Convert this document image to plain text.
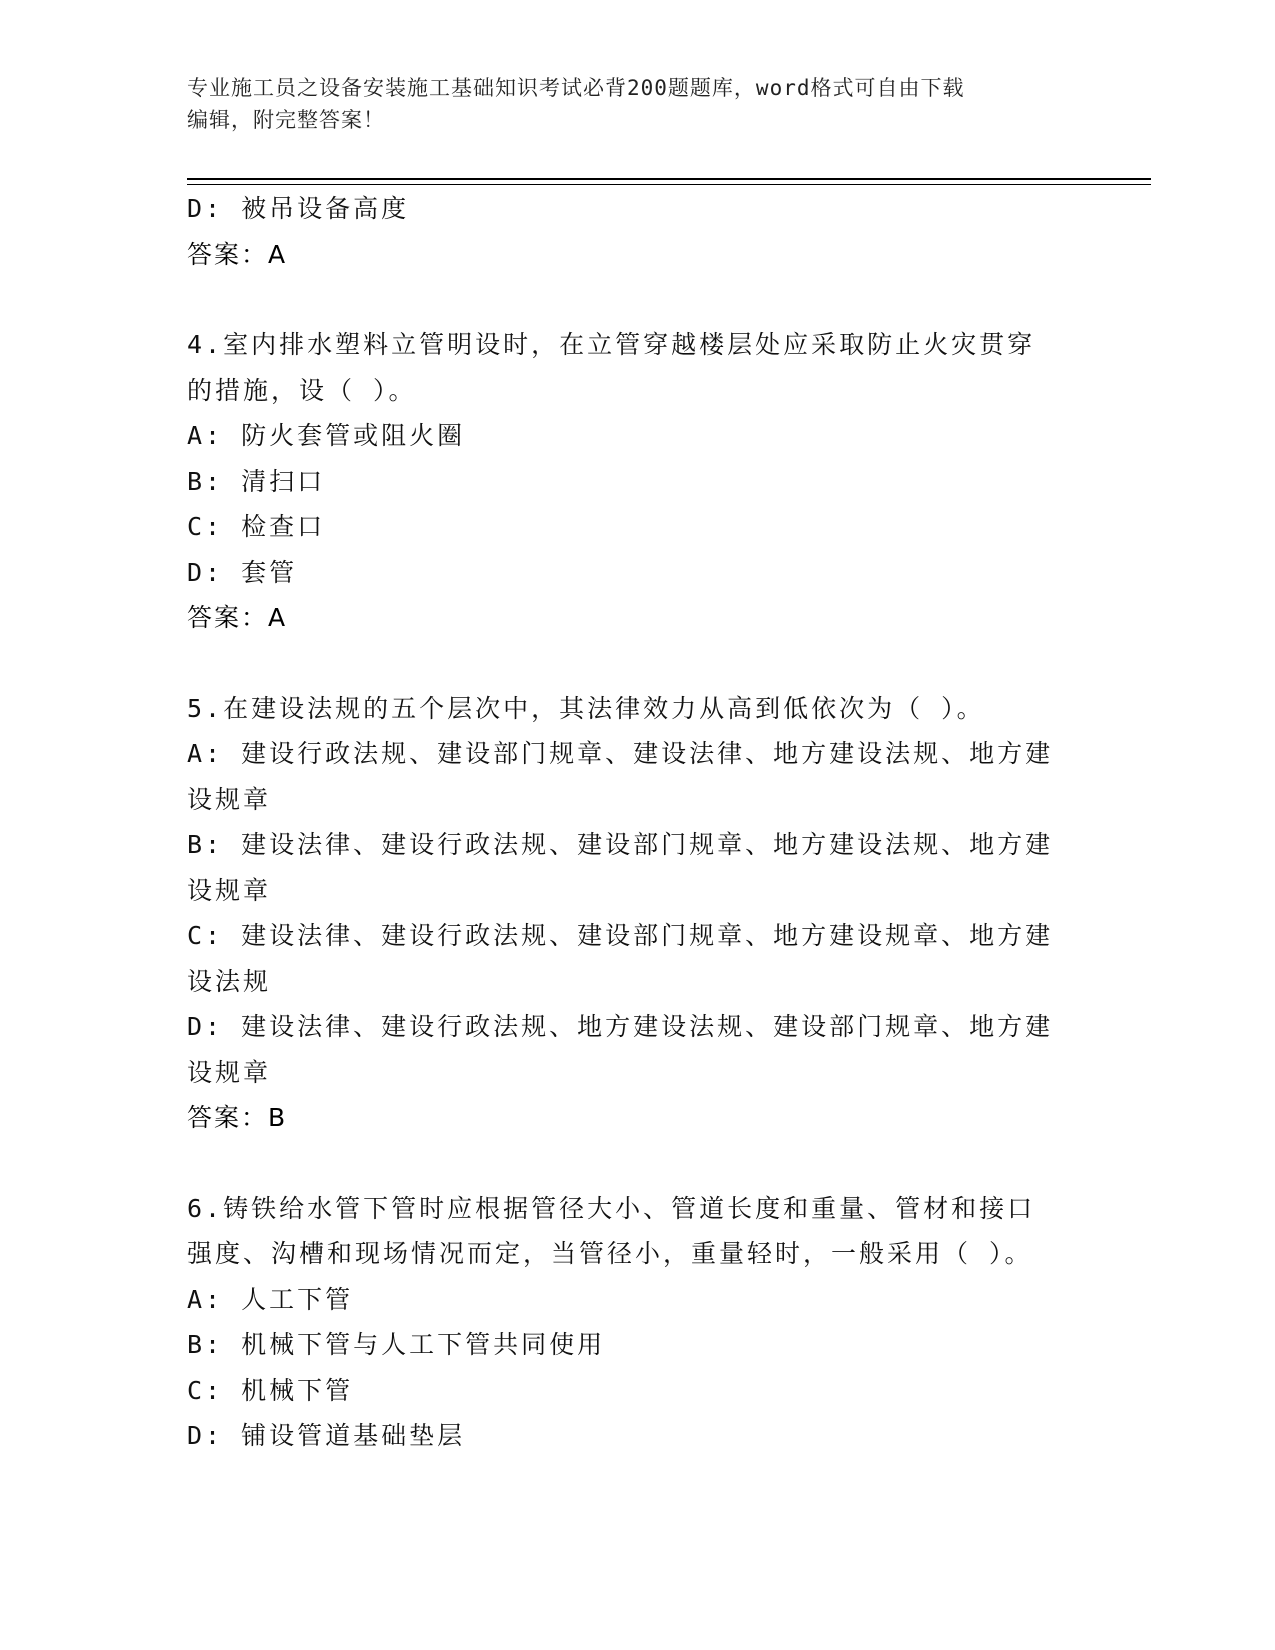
专业施工员之设备安装施工基础知识考试必背200题题库，word格式可自由下载
编辑，附完整答案！
D: 被吊设备高度
答案：A
4.室内排水塑料立管明设时，在立管穿越楼层处应采取防止火灾贯穿
的措施，设（ ）。
A: 防火套管或阻火圈
B: 清扫口
C: 检查口
D: 套管
答案：A
5.在建设法规的五个层次中，其法律效力从高到低依次为（ ）。
A: 建设行政法规、建设部门规章、建设法律、地方建设法规、地方建
设规章
B: 建设法律、建设行政法规、建设部门规章、地方建设法规、地方建
设规章
C: 建设法律、建设行政法规、建设部门规章、地方建设规章、地方建
设法规
D: 建设法律、建设行政法规、地方建设法规、建设部门规章、地方建
设规章
答案：B
6.铸铁给水管下管时应根据管径大小、管道长度和重量、管材和接口
强度、沟槽和现场情况而定，当管径小，重量轻时，一般采用（ ）。
A: 人工下管
B: 机械下管与人工下管共同使用
C: 机械下管
D: 铺设管道基础垫层
